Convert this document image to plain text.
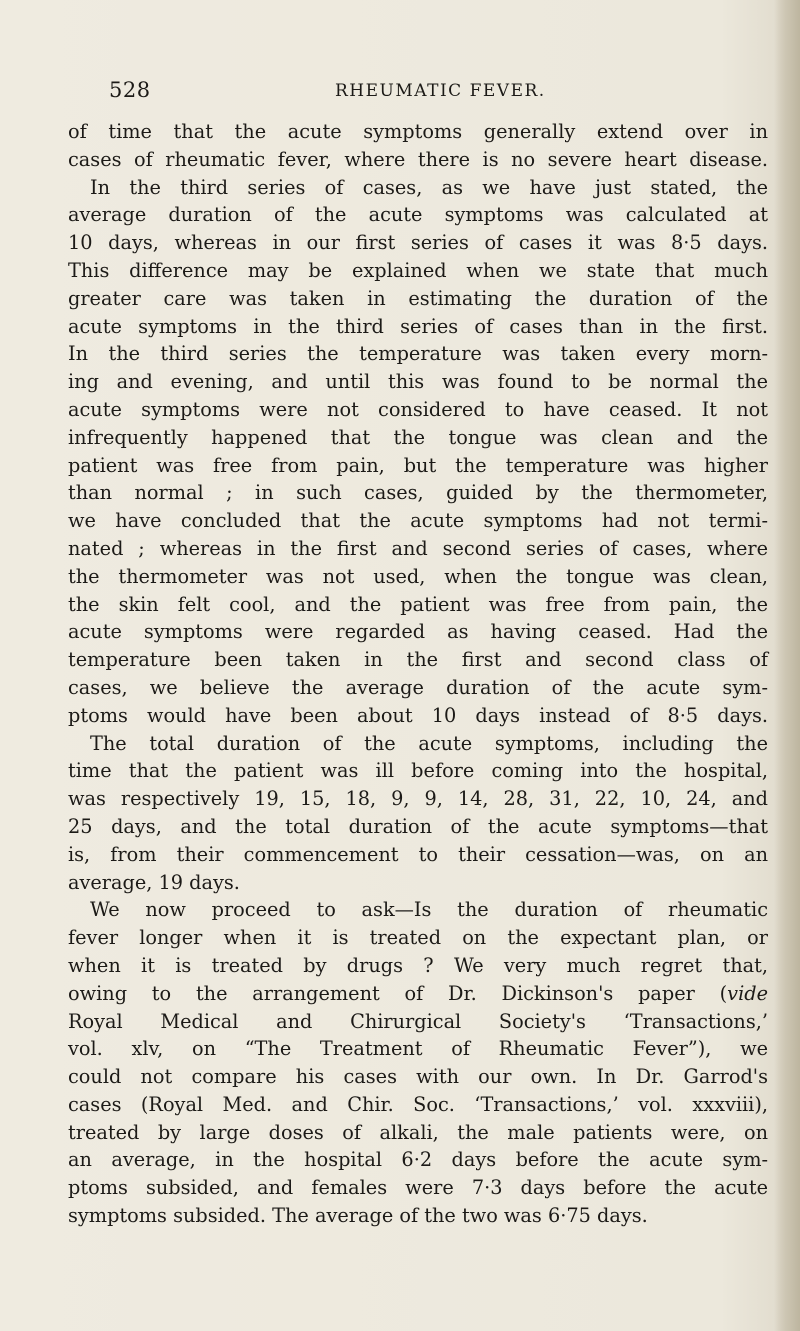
528	RHEUMATIC FEVER.
of time that the acute symptoms generally extend over in
cases of rheumatic fever, where there is no severe heart disease.
In the third series of cases, as we have just stated, the
average duration of the acute symptoms was calculated at
10 days, whereas in our first series of cases it was 8·5 days.
This difference may be explained when we state that much
greater care was taken in estimating the duration of the
acute symptoms in the third series of cases than in the first.
In the third series the temperature was taken every morn-
ing and evening, and until this was found to be normal the
acute symptoms were not considered to have ceased. It not
infrequently happened that the tongue was clean and the
patient was free from pain, but the temperature was higher
than normal ; in such cases, guided by the thermometer,
we have concluded that the acute symptoms had not termi-
nated ; whereas in the first and second series of cases, where
the thermometer was not used, when the tongue was clean,
the skin felt cool, and the patient was free from pain, the
acute symptoms were regarded as having ceased. Had the
temperature been taken in the first and second class of
cases, we believe the average duration of the acute sym-
ptoms would have been about 10 days instead of 8·5 days.
The total duration of the acute symptoms, including the
time that the patient was ill before coming into the hospital,
was respectively 19, 15, 18, 9, 9, 14, 28, 31, 22, 10, 24, and
25 days, and the total duration of the acute symptoms—that
is, from their commencement to their cessation—was, on an
average, 19 days.
We now proceed to ask—Is the duration of rheumatic
fever longer when it is treated on the expectant plan, or
when it is treated by drugs ? We very much regret that,
owing to the arrangement of Dr. Dickinson's paper (vide
Royal Medical and Chirurgical Society's ‘Transactions,’
vol. xlv, on “The Treatment of Rheumatic Fever”), we
could not compare his cases with our own. In Dr. Garrod's
cases (Royal Med. and Chir. Soc. ‘Transactions,’ vol. xxxviii),
treated by large doses of alkali, the male patients were, on
an average, in the hospital 6·2 days before the acute sym-
ptoms subsided, and females were 7·3 days before the acute
symptoms subsided. The average of the two was 6·75 days.
